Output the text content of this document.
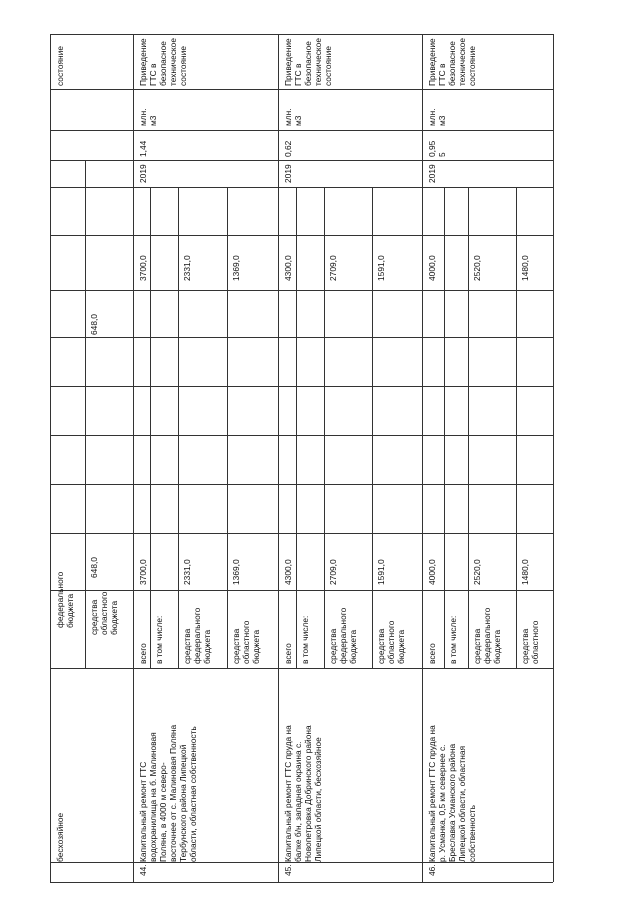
бесхозяйное
федерального
бюджета средства
областного
бюджета
648,0
648,0
состояние
44.
Капитальный ремонт ГТС
водохранилища на б. Малиновая
Поляна, в 4000 м северо-
восточнее от с. Малиновая Поляна
Тербунского района Липецкой
области, областная собственность
всего
3700,0
3700,0
в том числе: средства
федерального
бюджета
2331,0
2331,0
средства
областного
бюджета
1369,0
1369,0
2019
1,44
млн.
м3
Приведение
ГТС в
безопасное
техническое
состояние
45.
Капитальный ремонт ГТС пруда на
балке б/н, западная окраина с.
Новопетровка Добринского района
Липецкой области, бесхозяйное
всего
4300,0
4300,0
в том числе: средства
федерального
бюджета
2709,0
2709,0
средства
областного
бюджета
1591,0
1591,0
2019
0,62
млн.
м3
Приведение
ГТС в
безопасное
техническое
состояние
46.
Капитальный ремонт ГТС пруда на
р. Усманка, 0,5 км севернее с.
Бреславка Усманского района
Липецкой области, областная
собственность
всего
4000,0
4000,0
в том числе: средства
федерального
бюджета
2520,0
2520,0
средства
областного
1480,0
1480,0
2019
0,95
5
млн.
м3
Приведение
ГТС в
безопасное
техническое
состояние
